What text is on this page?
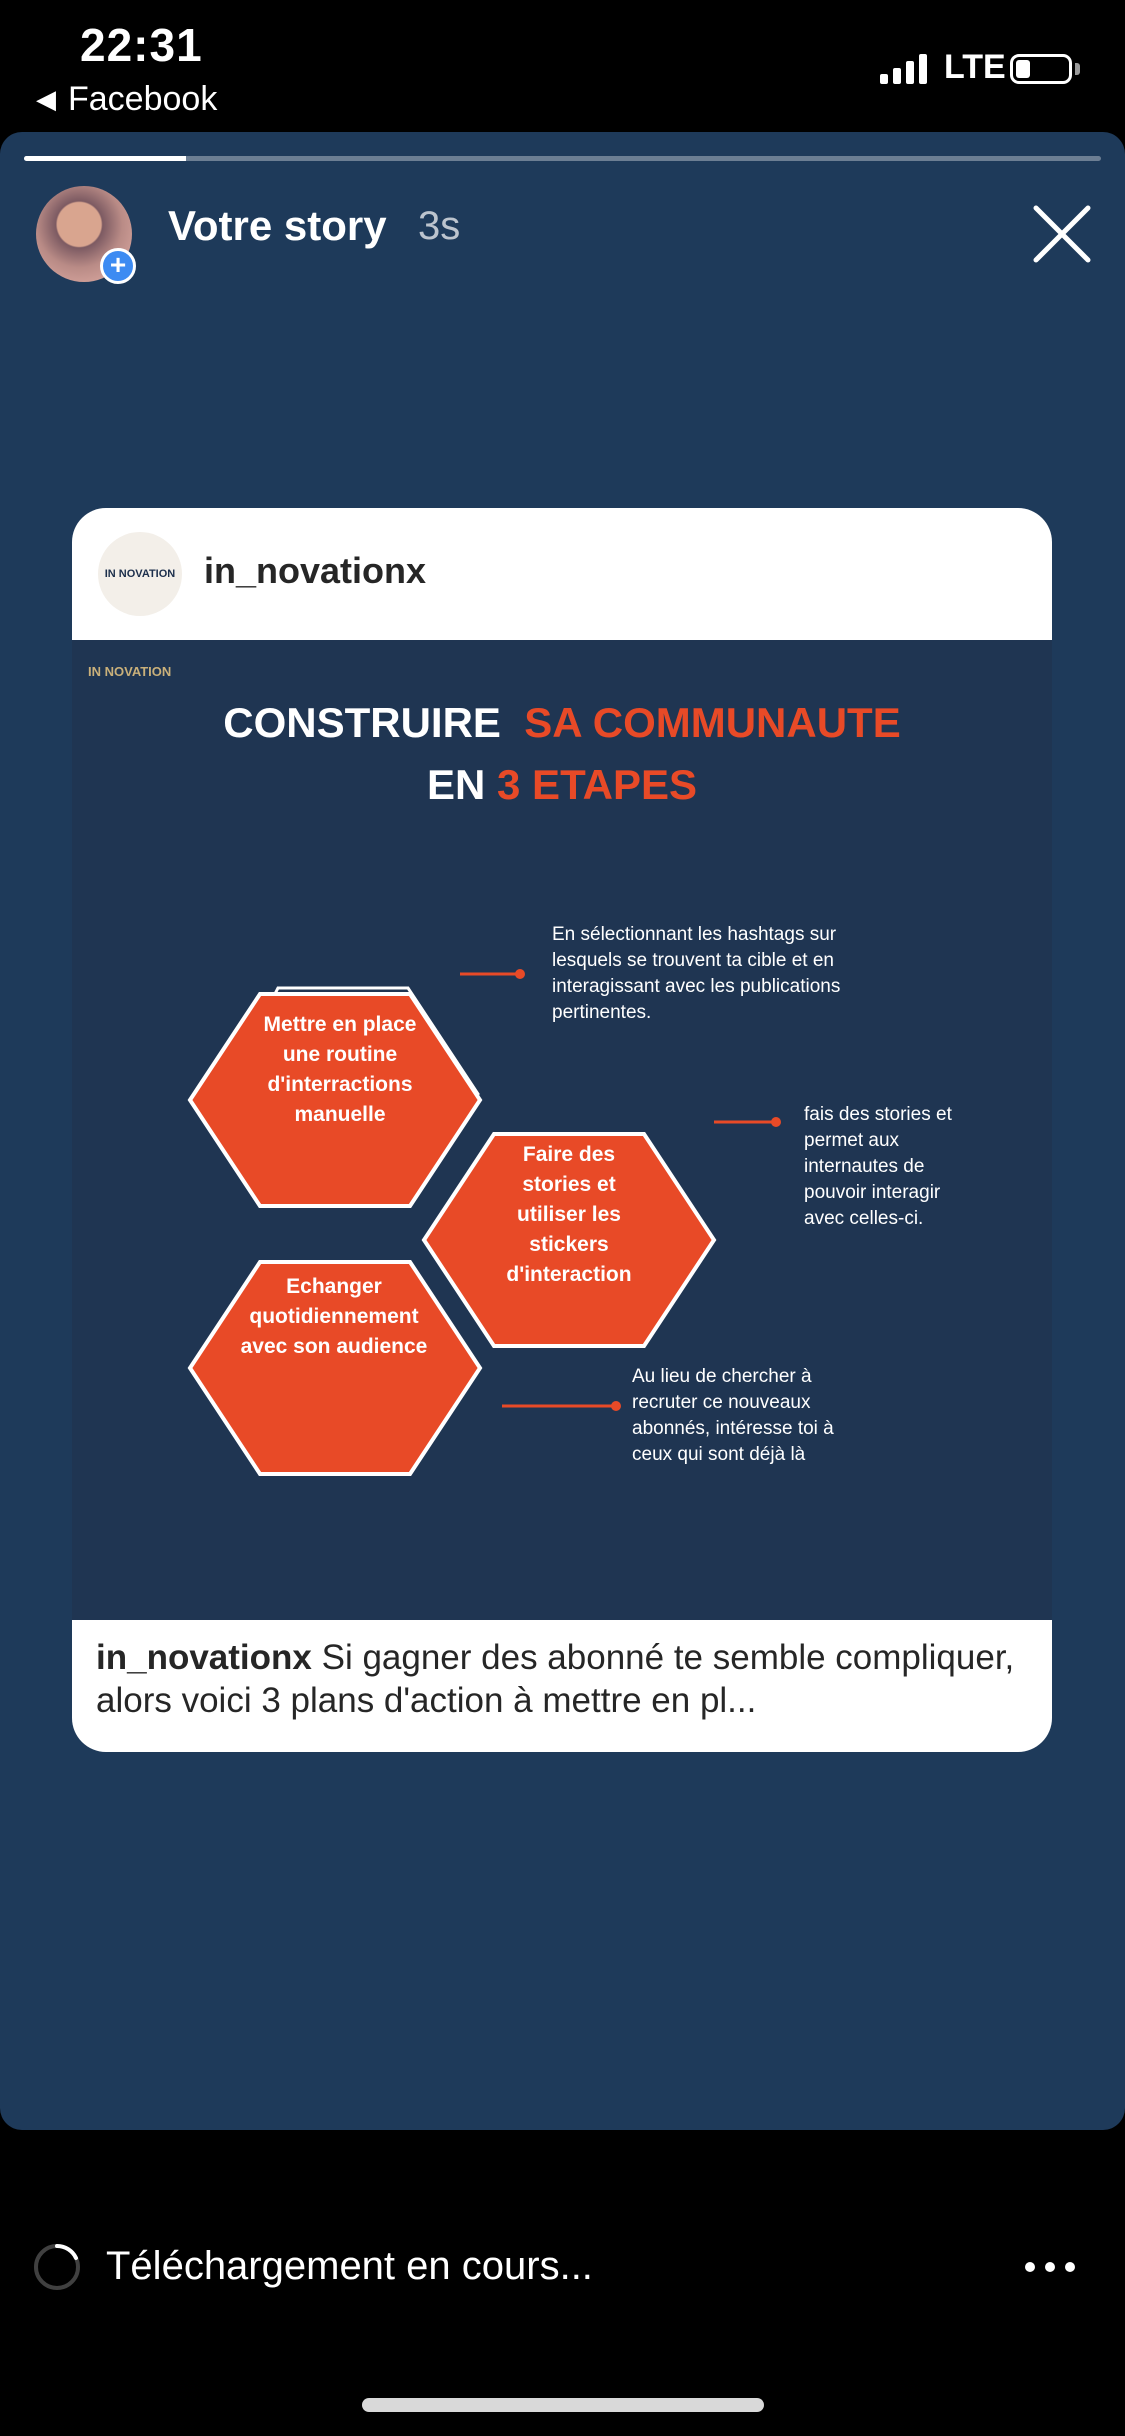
22:31
◀ Facebook
LTE
+
Votre story 3s
IN NOVATION in_novationx
IN NOVATION
CONSTRUIRE SA COMMUNAUTE
EN 3 ETAPES
Mettre en place une routine d'interractions manuelle
Faire des stories et utiliser les stickers d'interaction
Echanger quotidiennement avec son audience
En sélectionnant les hashtags sur lesquels se trouvent ta cible et en interagissant avec les publications pertinentes.
fais des stories et permet aux internautes de pouvoir interagir avec celles-ci.
Au lieu de chercher à recruter ce nouveaux abonnés, intéresse toi à ceux qui sont déjà là
in_novationx Si gagner des abonné te semble compliquer, alors voici 3 plans d'action à mettre en pl...
Téléchargement en cours...
